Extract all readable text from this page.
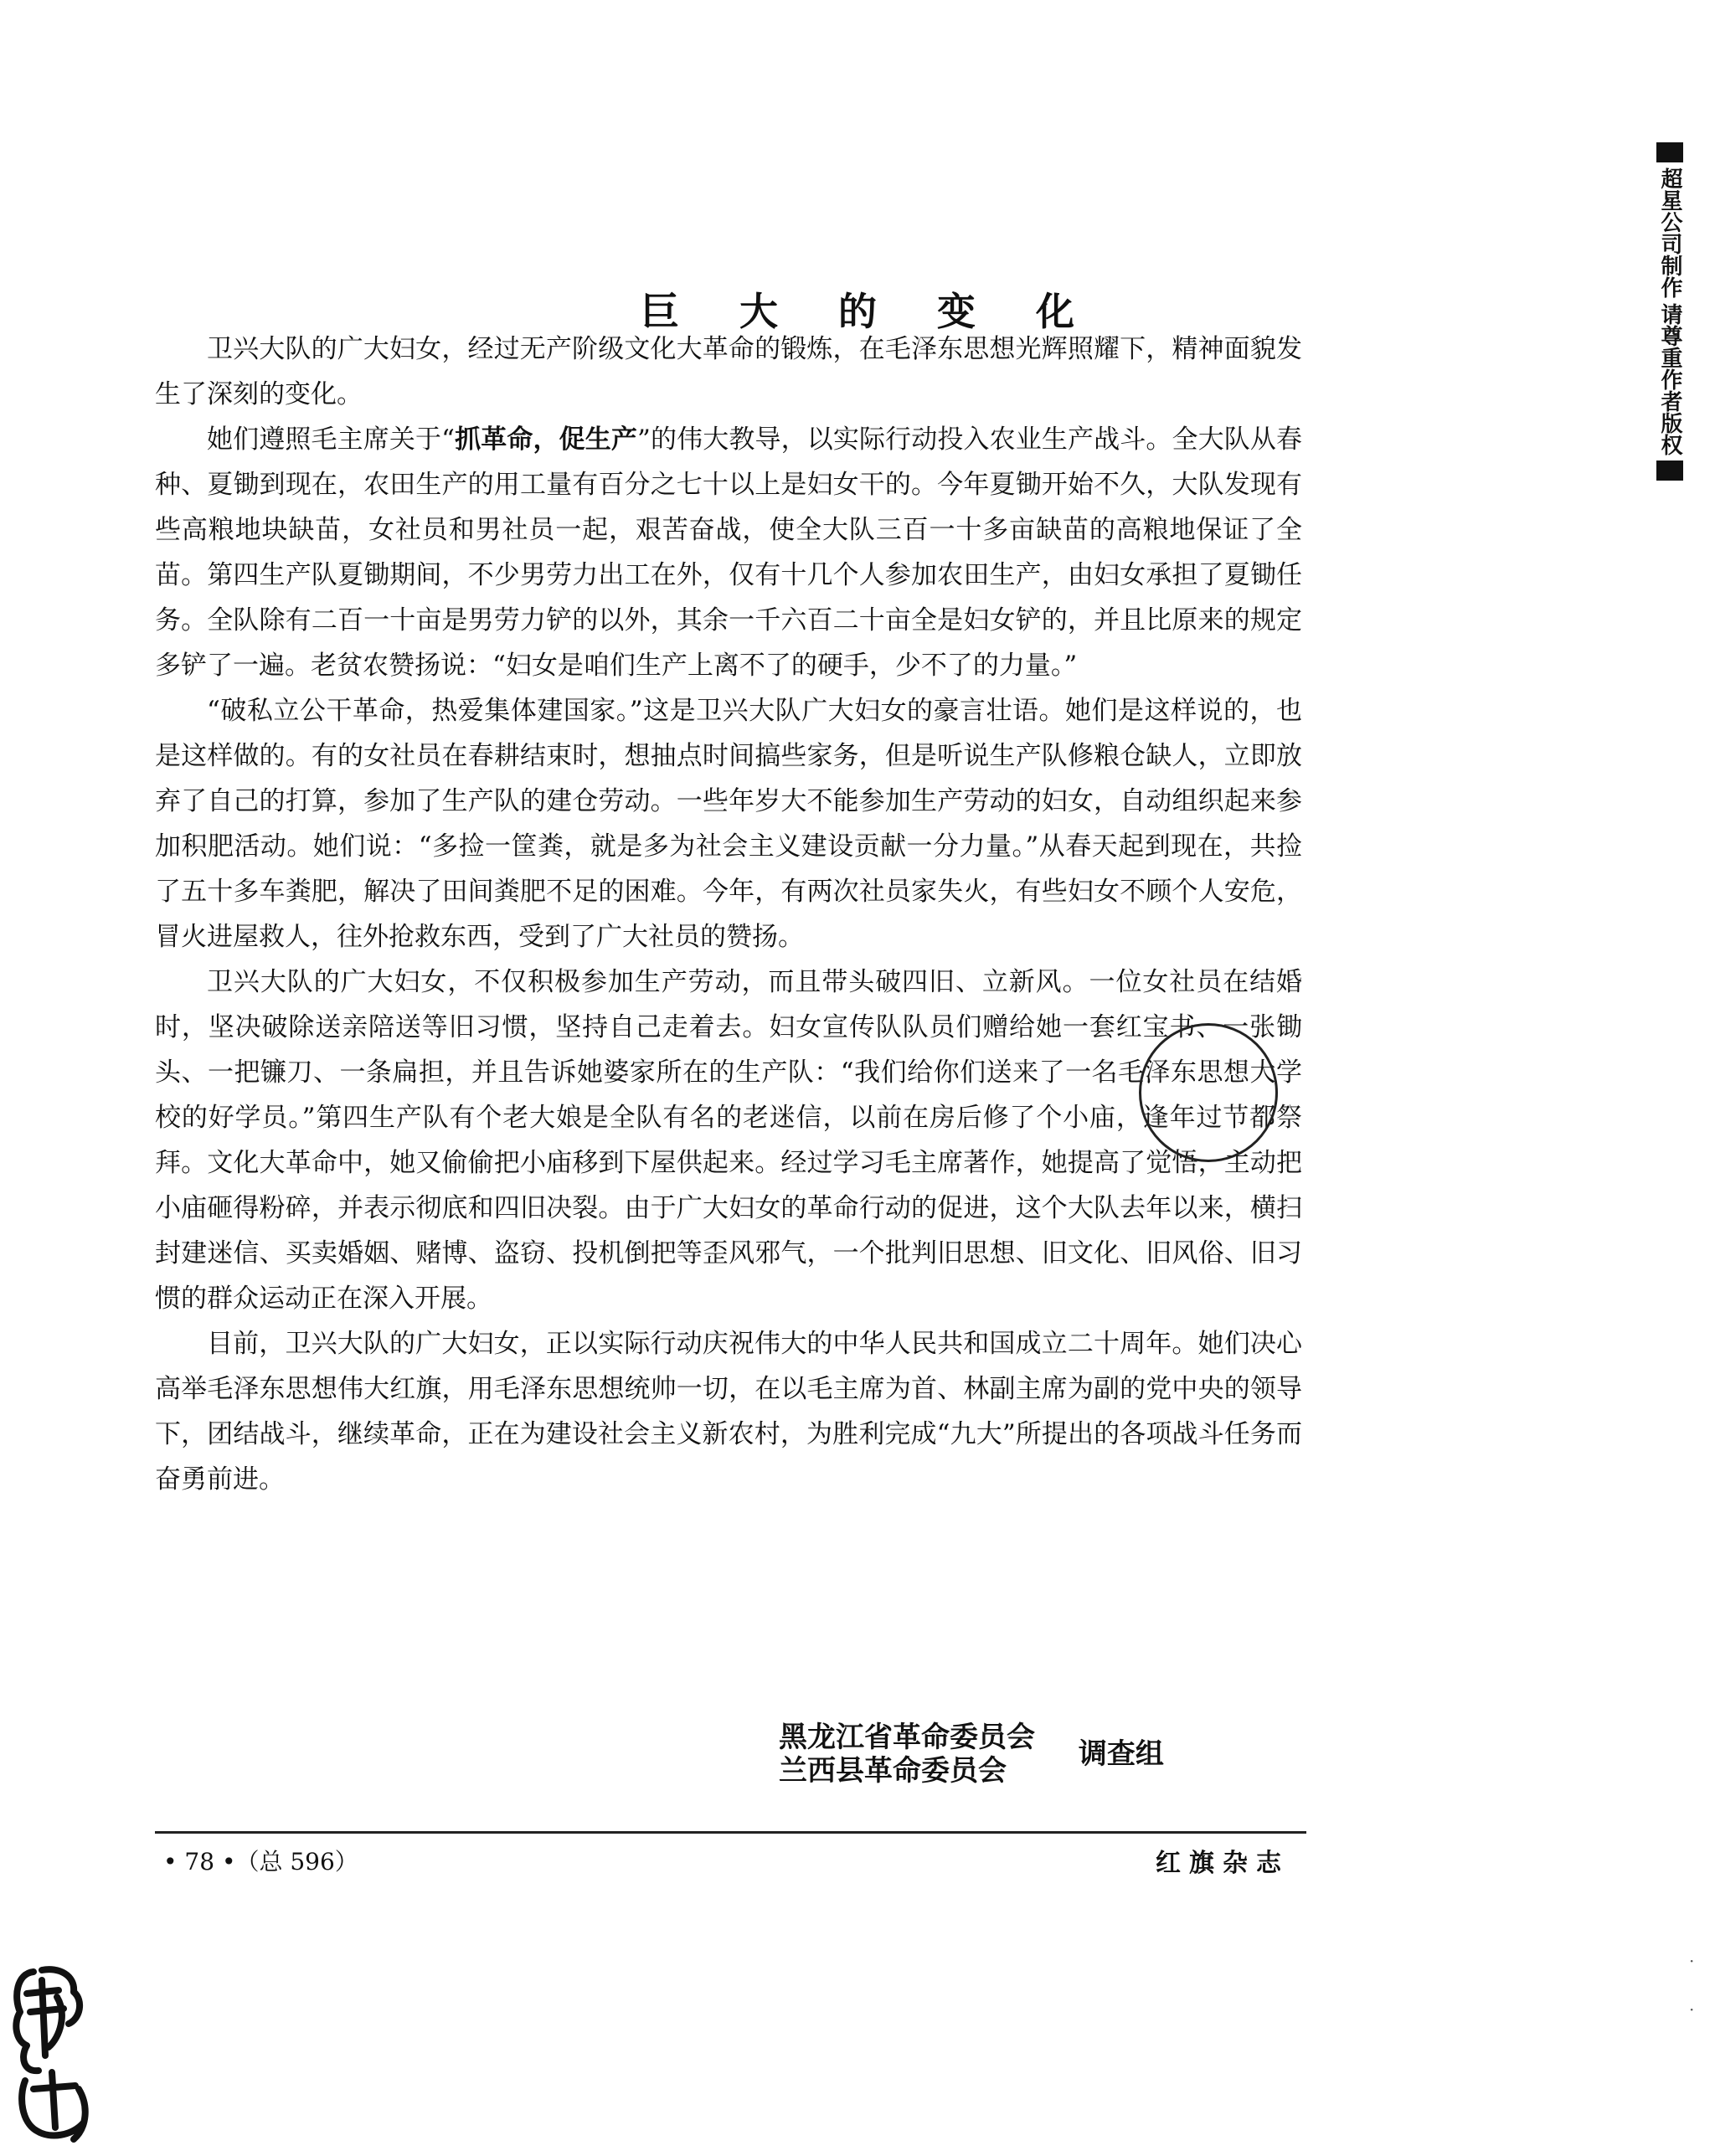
巨 大 的 变 化

卫兴大队的广大妇女，经过无产阶级文化大革命的锻炼，在毛泽东思想光辉照耀下，精神面貌发生了深刻的变化。

她们遵照毛主席关于“抓革命，促生产”的伟大教导，以实际行动投入农业生产战斗。全大队从春种、夏锄到现在，农田生产的用工量有百分之七十以上是妇女干的。今年夏锄开始不久，大队发现有些高粮地块缺苗，女社员和男社员一起，艰苦奋战，使全大队三百一十多亩缺苗的高粮地保证了全苗。第四生产队夏锄期间，不少男劳力出工在外，仅有十几个人参加农田生产，由妇女承担了夏锄任务。全队除有二百一十亩是男劳力铲的以外，其余一千六百二十亩全是妇女铲的，并且比原来的规定多铲了一遍。老贫农赞扬说：“妇女是咱们生产上离不了的硬手，少不了的力量。”

“破私立公干革命，热爱集体建国家。”这是卫兴大队广大妇女的豪言壮语。她们是这样说的，也是这样做的。有的女社员在春耕结束时，想抽点时间搞些家务，但是听说生产队修粮仓缺人，立即放弃了自己的打算，参加了生产队的建仓劳动。一些年岁大不能参加生产劳动的妇女，自动组织起来参加积肥活动。她们说：“多捡一筐粪，就是多为社会主义建设贡献一分力量。”从春天起到现在，共捡了五十多车粪肥，解决了田间粪肥不足的困难。今年，有两次社员家失火，有些妇女不顾个人安危，冒火进屋救人，往外抢救东西，受到了广大社员的赞扬。

卫兴大队的广大妇女，不仅积极参加生产劳动，而且带头破四旧、立新风。一位女社员在结婚时，坚决破除送亲陪送等旧习惯，坚持自己走着去。妇女宣传队队员们赠给她一套红宝书、一张锄头、一把镰刀、一条扁担，并且告诉她婆家所在的生产队：“我们给你们送来了一名毛泽东思想大学校的好学员。”第四生产队有个老大娘是全队有名的老迷信，以前在房后修了个小庙，逢年过节都祭拜。文化大革命中，她又偷偷把小庙移到下屋供起来。经过学习毛主席著作，她提高了觉悟，主动把小庙砸得粉碎，并表示彻底和四旧决裂。由于广大妇女的革命行动的促进，这个大队去年以来，横扫封建迷信、买卖婚姻、赌博、盗窃、投机倒把等歪风邪气，一个批判旧思想、旧文化、旧风俗、旧习惯的群众运动正在深入开展。

目前，卫兴大队的广大妇女，正以实际行动庆祝伟大的中华人民共和国成立二十周年。她们决心高举毛泽东思想伟大红旗，用毛泽东思想统帅一切，在以毛主席为首、林副主席为副的党中央的领导下，团结战斗，继续革命，正在为建设社会主义新农村，为胜利完成“九大”所提出的各项战斗任务而奋勇前进。

黑龙江省革命委员会
兰西县革命委员会	调查组
• 78 •（总 596）	红旗杂志
超星公司制作
请尊重作者版权
·
·
